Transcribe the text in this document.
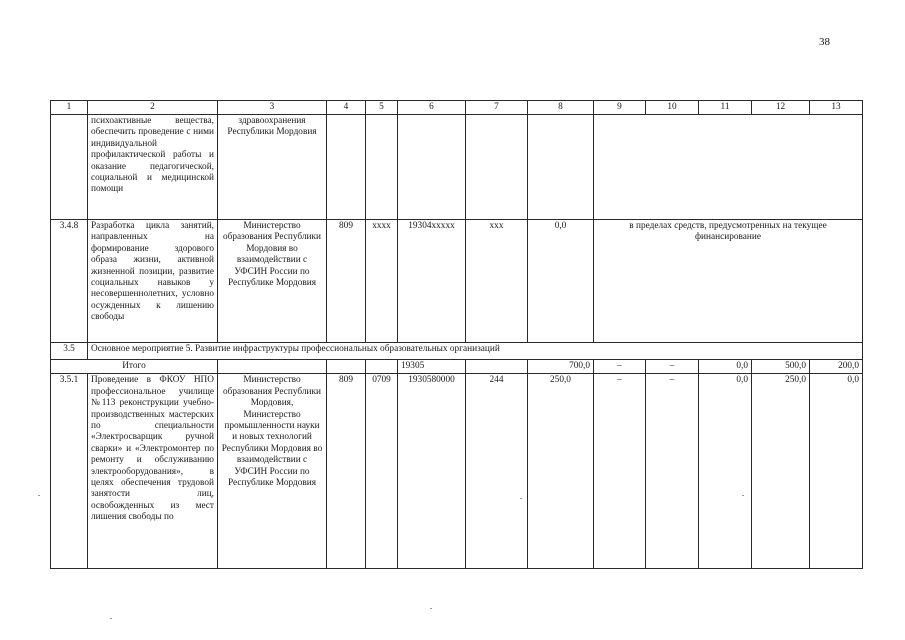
38
1	2	3	4	5	6	7	8	9	10	11	12	13
	психоактивные вещества, обеспечить проведение с ними индивидуальной профилактической работы и оказание педагогической, социальной и медицинской помощи	здравоохранения Республики Мордовия										
3.4.8	Разработка цикла занятий, направленных на формирование здорового образа жизни, активной жизненной позиции, развитие социальных навыков у несовершеннолетних, условно осужденных к лишению свободы	Министерство образования Республики Мордовия во взаимодействии с УФСИН России по Республике Мордовия	809	хххх	19304ххххх	ххх	0,0	в пределах средств, предусмотренных на текущее финансирование				
3.5	Основное мероприятие 5. Развитие инфраструктуры профессиональных образовательных организаций											
Итого					19305		700,0	–	–	0,0	500,0	200,0
3.5.1	Проведение в ФКОУ НПО профессиональное училище №113 реконструкции учебно-производственных мастерских по специальности «Электросварщик ручной сварки» и «Электромонтер по ремонту и обслуживанию электрооборудования», в целях обеспечения трудовой занятости лиц, освобожденных из мест лишения свободы по	Министерство образования Республики Мордовия, Министерство промышленности науки и новых технологий Республики Мордовия во взаимодействии с УФСИН России по Республике Мордовия	809	0709	1930580000	244	250,0	–	–	0,0	250,0	0,0
